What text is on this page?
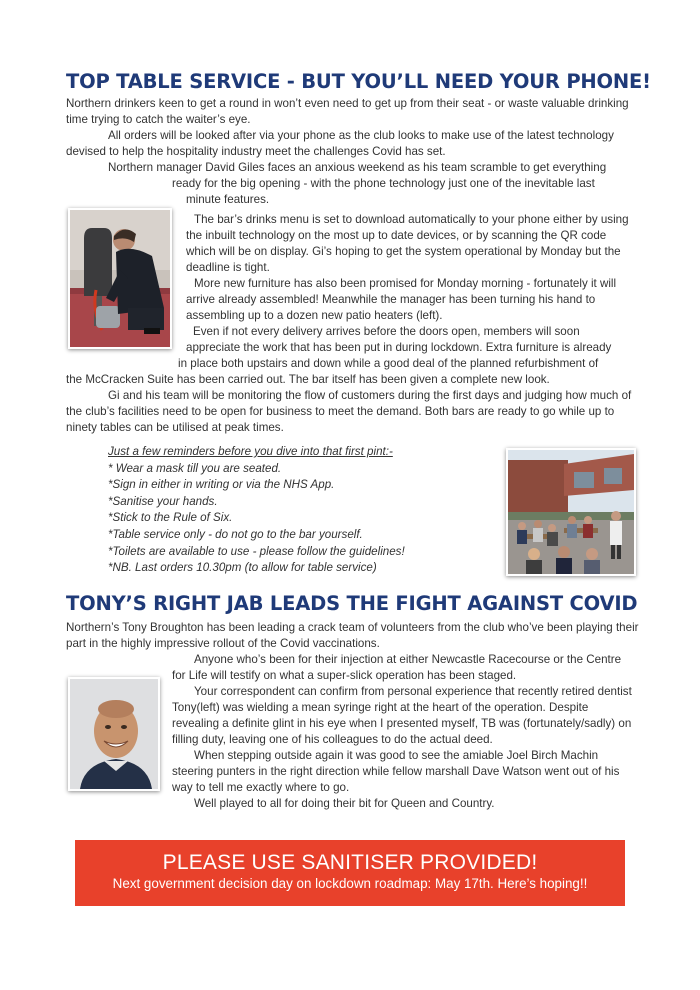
TOP TABLE SERVICE - BUT YOU’LL NEED YOUR PHONE!

Northern drinkers keen to get a round in won’t even need to get up from their seat - or waste valuable drinking time trying to catch the waiter’s eye.

All orders will be looked after via your phone as the club looks to make use of the latest technology devised to help the hospitality industry meet the challenges Covid has set.

Northern manager David Giles faces an anxious weekend as his team scramble to get everything

ready for the big opening - with the phone technology just one of the inevitable last

minute features.

The bar’s drinks menu is set to download automatically to your phone either by using the inbuilt technology on the most up to date devices, or by scanning the QR code which will be on display. Gi’s hoping to get the system operational by Monday but the deadline is tight.

More new furniture has also been promised for Monday morning - fortunately it will arrive already assembled! Meanwhile the manager has been turning his hand to assembling up to a dozen new patio heaters (left).

Even if not every delivery arrives before the doors open, members will soon

appreciate the work that has been put in during lockdown. Extra furniture is already

in place both upstairs and down while a good deal of the planned refurbishment of

the McCracken Suite has been carried out. The bar itself has been given a complete new look.

Gi and his team will be monitoring the flow of customers during the first days and judging how much of the club’s facilities need to be open for business to meet the demand. Both bars are ready to go while up to ninety tables can be utilised at peak times.

Just a few reminders before you dive into that first pint:-
* Wear a mask till you are seated.
*Sign in either in writing or via the NHS App.
*Sanitise your hands.
*Stick to the Rule of Six.
*Table service only - do not go to the bar yourself.
*Toilets are available to use - please follow the guidelines!
*NB. Last orders 10.30pm (to allow for table service)
TONY’S RIGHT JAB LEADS THE FIGHT AGAINST COVID

Northern’s Tony Broughton has been leading a crack team of volunteers from the club who’ve been playing their part in the highly impressive rollout of the Covid vaccinations.

Anyone who’s been for their injection at either Newcastle Racecourse or the Centre for Life will testify on what a super-slick operation has been staged.

Your correspondent can confirm from personal experience that recently retired dentist Tony(left) was wielding a mean syringe right at the heart of the operation. Despite revealing a definite glint in his eye when I presented myself, TB was (fortunately/sadly) on filling duty, leaving one of his colleagues to do the actual deed.

When stepping outside again it was good to see the amiable Joel Birch Machin steering punters in the right direction while fellow marshall Dave Watson went out of his way to tell me exactly where to go.

Well played to all for doing their bit for Queen and Country.

PLEASE USE SANITISER PROVIDED!
Next government decision day on lockdown roadmap: May 17th. Here’s hoping!!
